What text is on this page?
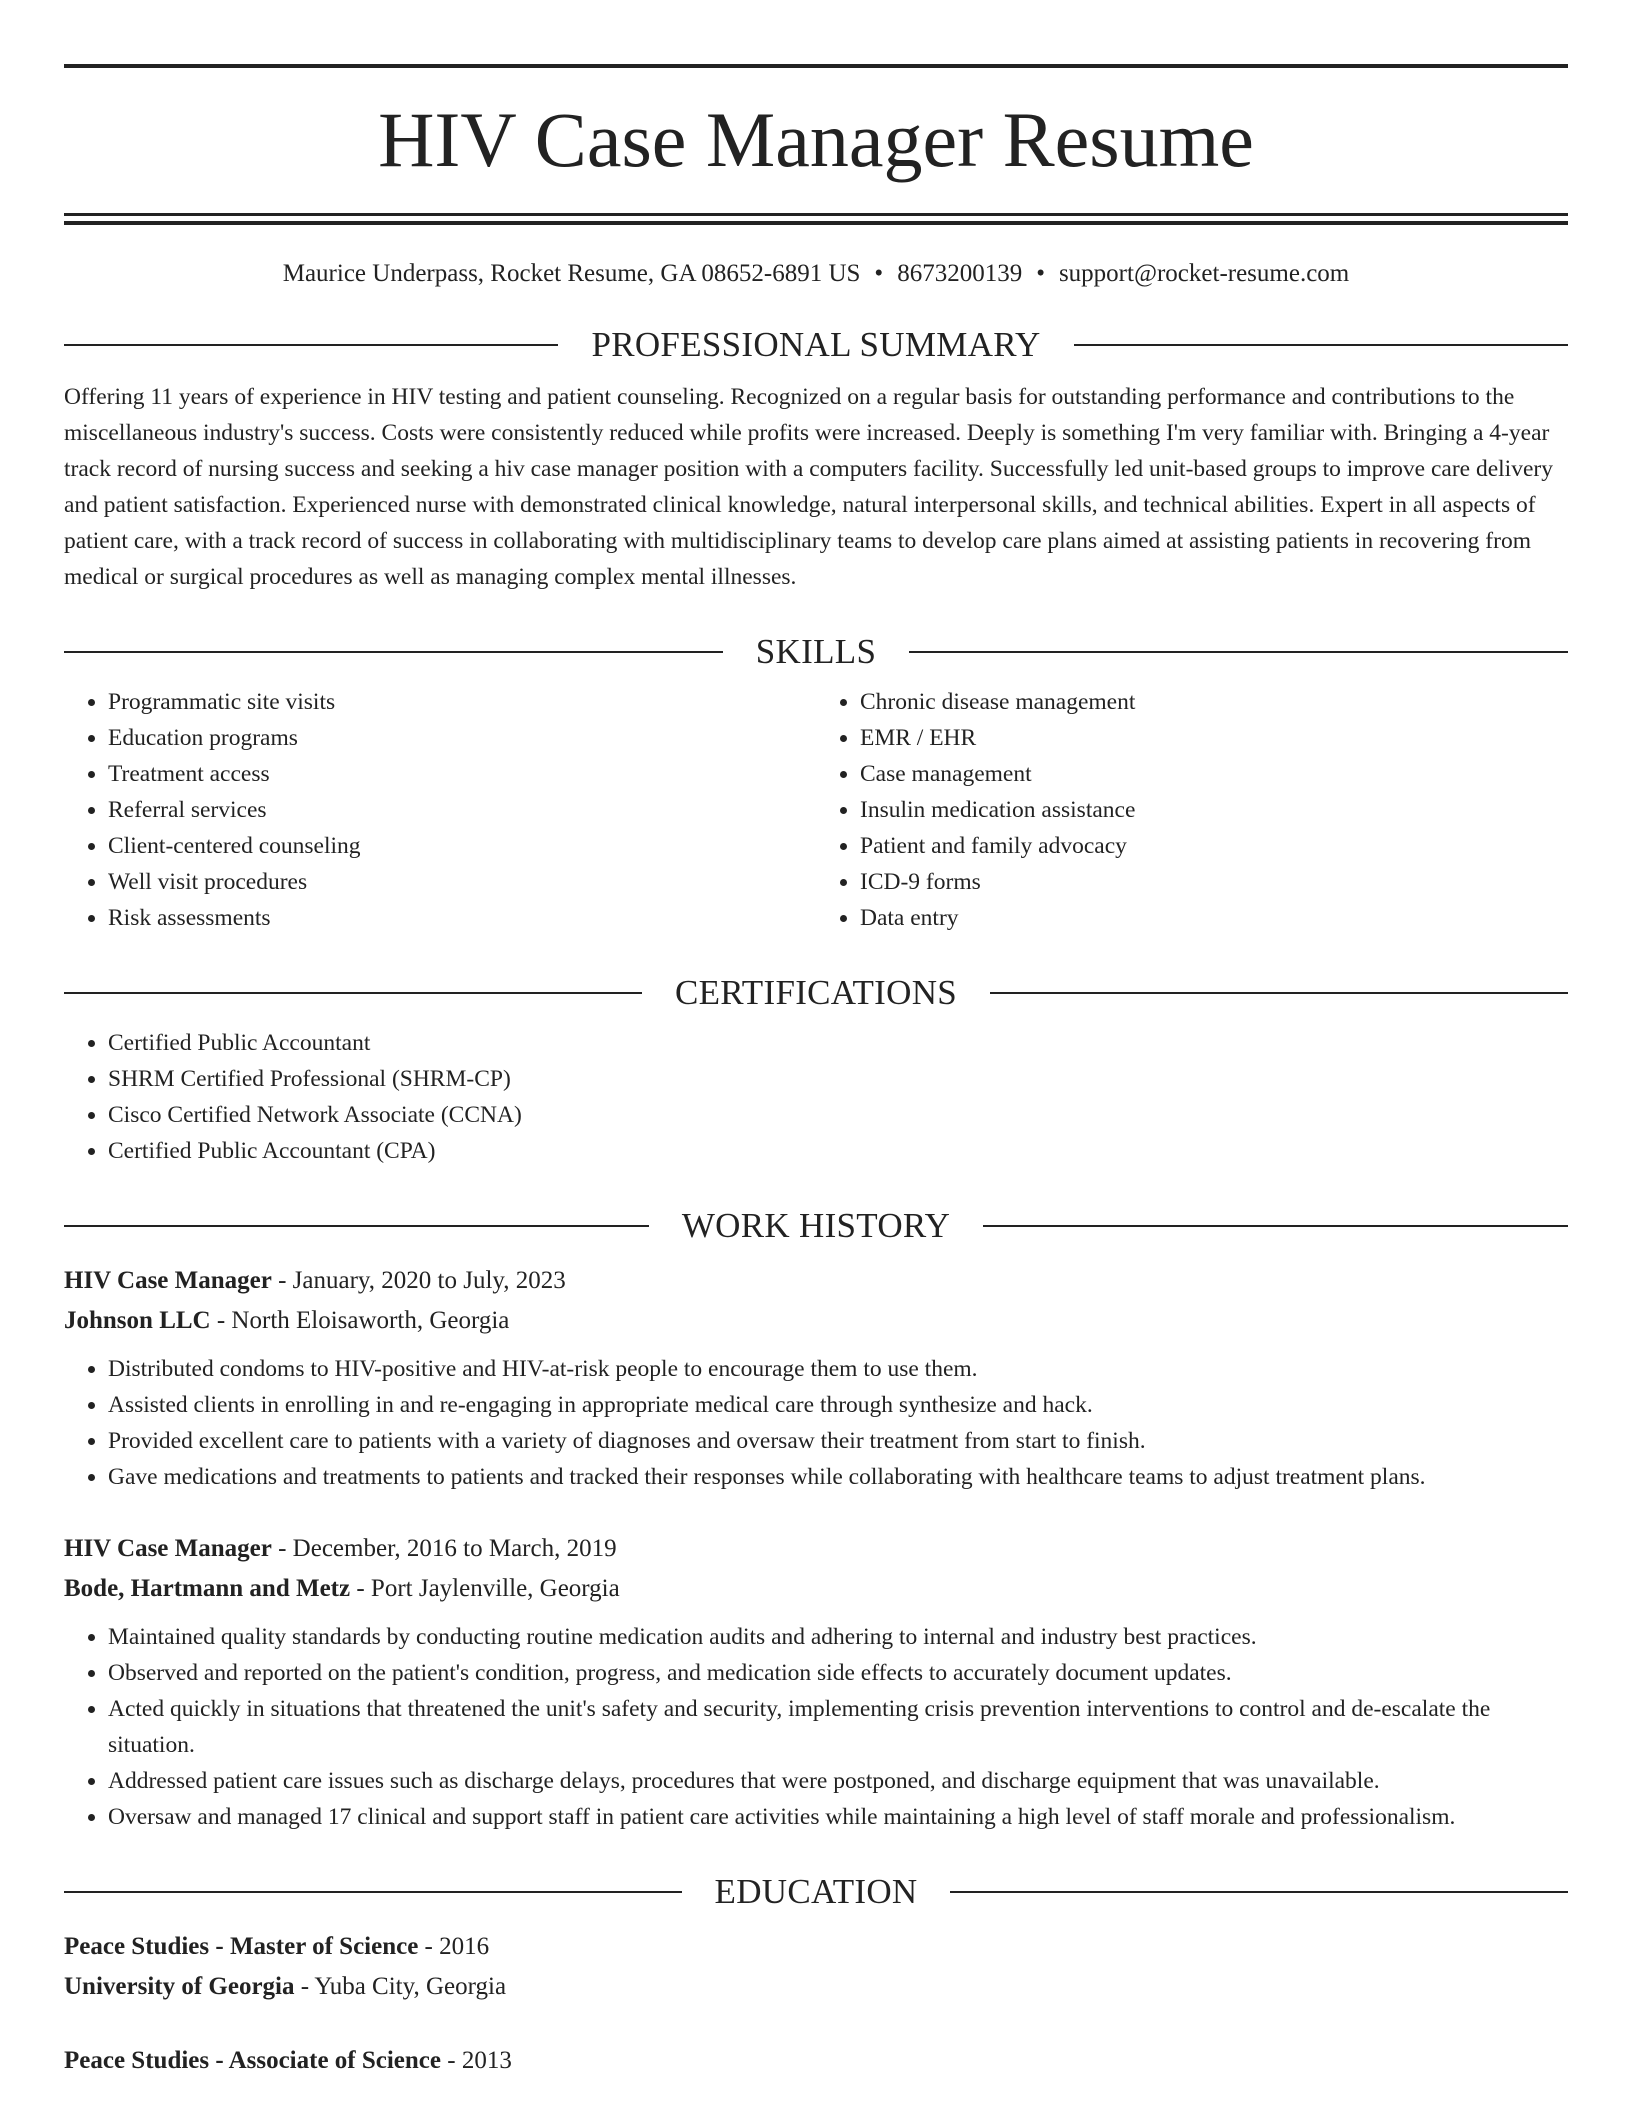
HIV Case Manager Resume
Maurice Underpass, Rocket Resume, GA 08652-6891 US • 8673200139 • support@rocket-resume.com
PROFESSIONAL SUMMARY

Offering 11 years of experience in HIV testing and patient counseling. Recognized on a regular basis for outstanding performance and contributions to the miscellaneous industry's success. Costs were consistently reduced while profits were increased. Deeply is something I'm very familiar with. Bringing a 4-year track record of nursing success and seeking a hiv case manager position with a computers facility. Successfully led unit-based groups to improve care delivery and patient satisfaction. Experienced nurse with demonstrated clinical knowledge, natural interpersonal skills, and technical abilities. Expert in all aspects of patient care, with a track record of success in collaborating with multidisciplinary teams to develop care plans aimed at assisting patients in recovering from medical or surgical procedures as well as managing complex mental illnesses.

SKILLS
• Programmatic site visits
• Education programs
• Treatment access
• Referral services
• Client-centered counseling
• Well visit procedures
• Risk assessments
• Chronic disease management
• EMR / EHR
• Case management
• Insulin medication assistance
• Patient and family advocacy
• ICD-9 forms
• Data entry
CERTIFICATIONS
• Certified Public Accountant
• SHRM Certified Professional (SHRM-CP)
• Cisco Certified Network Associate (CCNA)
• Certified Public Accountant (CPA)
WORK HISTORY
HIV Case Manager - January, 2020 to July, 2023
Johnson LLC - North Eloisaworth, Georgia
• Distributed condoms to HIV-positive and HIV-at-risk people to encourage them to use them.
• Assisted clients in enrolling in and re-engaging in appropriate medical care through synthesize and hack.
• Provided excellent care to patients with a variety of diagnoses and oversaw their treatment from start to finish.
• Gave medications and treatments to patients and tracked their responses while collaborating with healthcare teams to adjust treatment plans.
HIV Case Manager - December, 2016 to March, 2019
Bode, Hartmann and Metz - Port Jaylenville, Georgia
• Maintained quality standards by conducting routine medication audits and adhering to internal and industry best practices.
• Observed and reported on the patient's condition, progress, and medication side effects to accurately document updates.
• Acted quickly in situations that threatened the unit's safety and security, implementing crisis prevention interventions to control and de-escalate the situation.
• Addressed patient care issues such as discharge delays, procedures that were postponed, and discharge equipment that was unavailable.
• Oversaw and managed 17 clinical and support staff in patient care activities while maintaining a high level of staff morale and professionalism.
EDUCATION
Peace Studies - Master of Science - 2016
University of Georgia - Yuba City, Georgia
Peace Studies - Associate of Science - 2013
